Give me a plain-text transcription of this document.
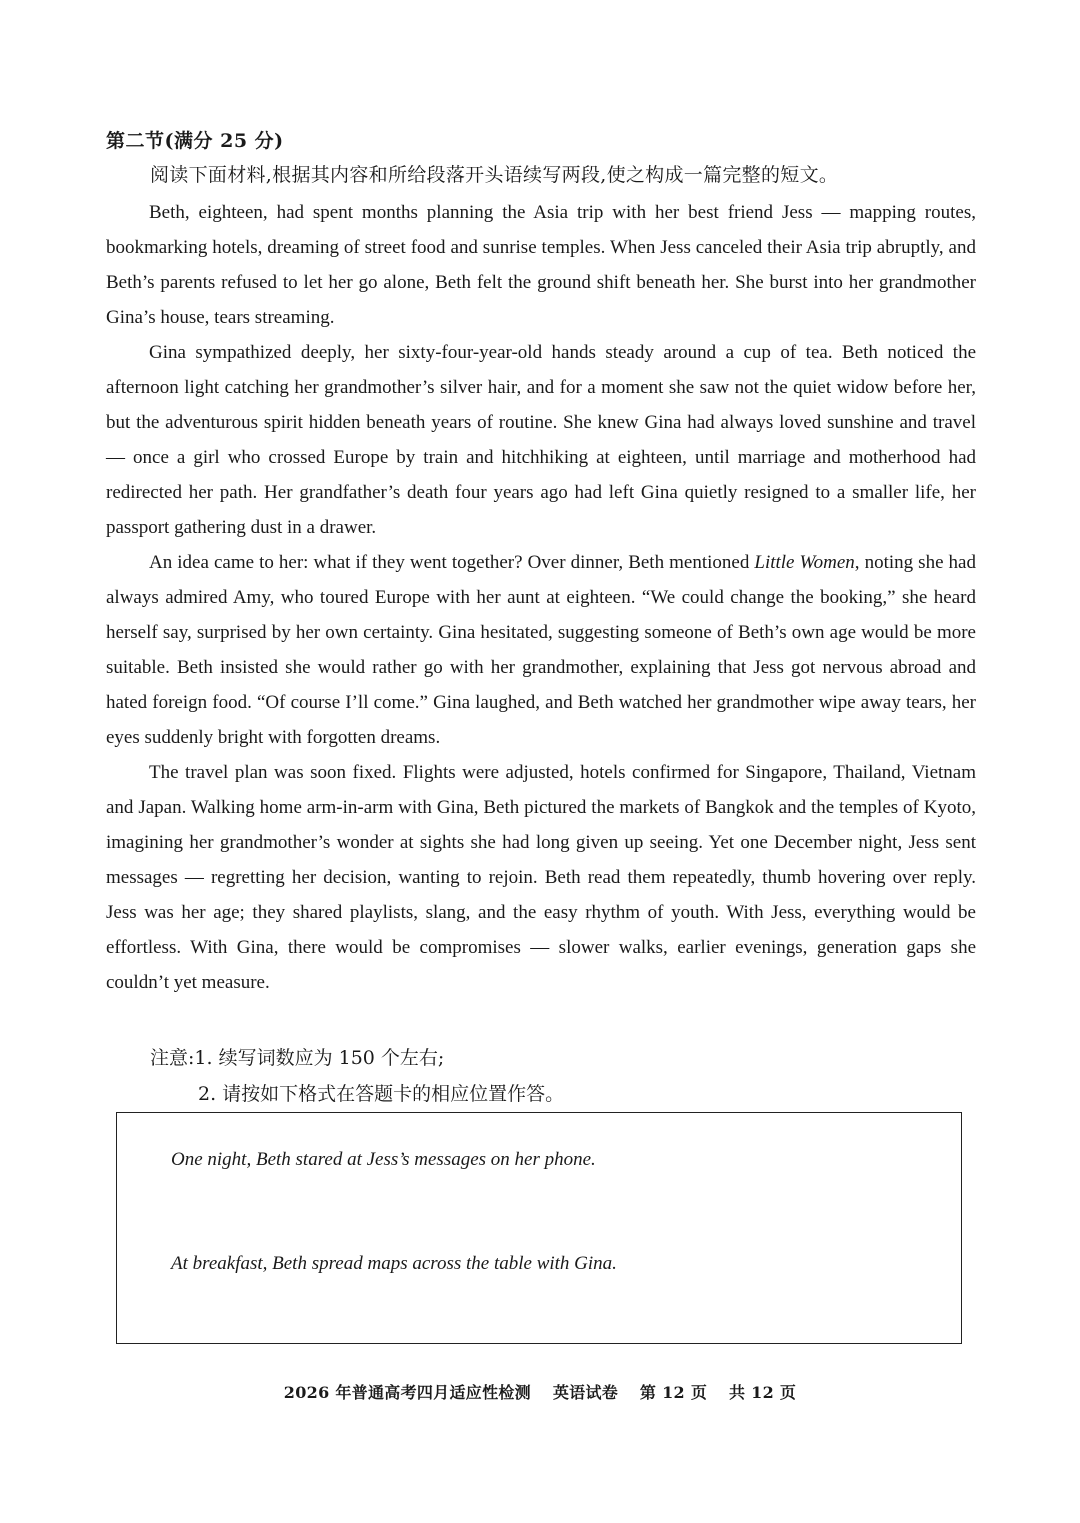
第二节(满分 25 分)
阅读下面材料,根据其内容和所给段落开头语续写两段,使之构成一篇完整的短文。

Beth, eighteen, had spent months planning the Asia trip with her best friend Jess — mapping routes, bookmarking hotels, dreaming of street food and sunrise temples. When Jess canceled their Asia trip abruptly, and Beth’s parents refused to let her go alone, Beth felt the ground shift beneath her. She burst into her grandmother Gina’s house, tears streaming.

Gina sympathized deeply, her sixty-four-year-old hands steady around a cup of tea. Beth noticed the afternoon light catching her grandmother’s silver hair, and for a moment she saw not the quiet widow before her, but the adventurous spirit hidden beneath years of routine. She knew Gina had always loved sunshine and travel — once a girl who crossed Europe by train and hitchhiking at eighteen, until marriage and motherhood had redirected her path. Her grandfather’s death four years ago had left Gina quietly resigned to a smaller life, her passport gathering dust in a drawer.

An idea came to her: what if they went together? Over dinner, Beth mentioned Little Women, noting she had always admired Amy, who toured Europe with her aunt at eighteen. “We could change the booking,” she heard herself say, surprised by her own certainty. Gina hesitated, suggesting someone of Beth’s own age would be more suitable. Beth insisted she would rather go with her grandmother, explaining that Jess got nervous abroad and hated foreign food. “Of course I’ll come.” Gina laughed, and Beth watched her grandmother wipe away tears, her eyes suddenly bright with forgotten dreams.

The travel plan was soon fixed. Flights were adjusted, hotels confirmed for Singapore, Thailand, Vietnam and Japan. Walking home arm-in-arm with Gina, Beth pictured the markets of Bangkok and the temples of Kyoto, imagining her grandmother’s wonder at sights she had long given up seeing. Yet one December night, Jess sent messages — regretting her decision, wanting to rejoin. Beth read them repeatedly, thumb hovering over reply. Jess was her age; they shared playlists, slang, and the easy rhythm of youth. With Jess, everything would be effortless. With Gina, there would be compromises — slower walks, earlier evenings, generation gaps she couldn’t yet measure.

注意:1. 续写词数应为 150 个左右;
2. 请按如下格式在答题卡的相应位置作答。
One night, Beth stared at Jess’s messages on her phone.
At breakfast, Beth spread maps across the table with Gina.
2026 年普通高考四月适应性检测 英语试卷 第 12 页 共 12 页
